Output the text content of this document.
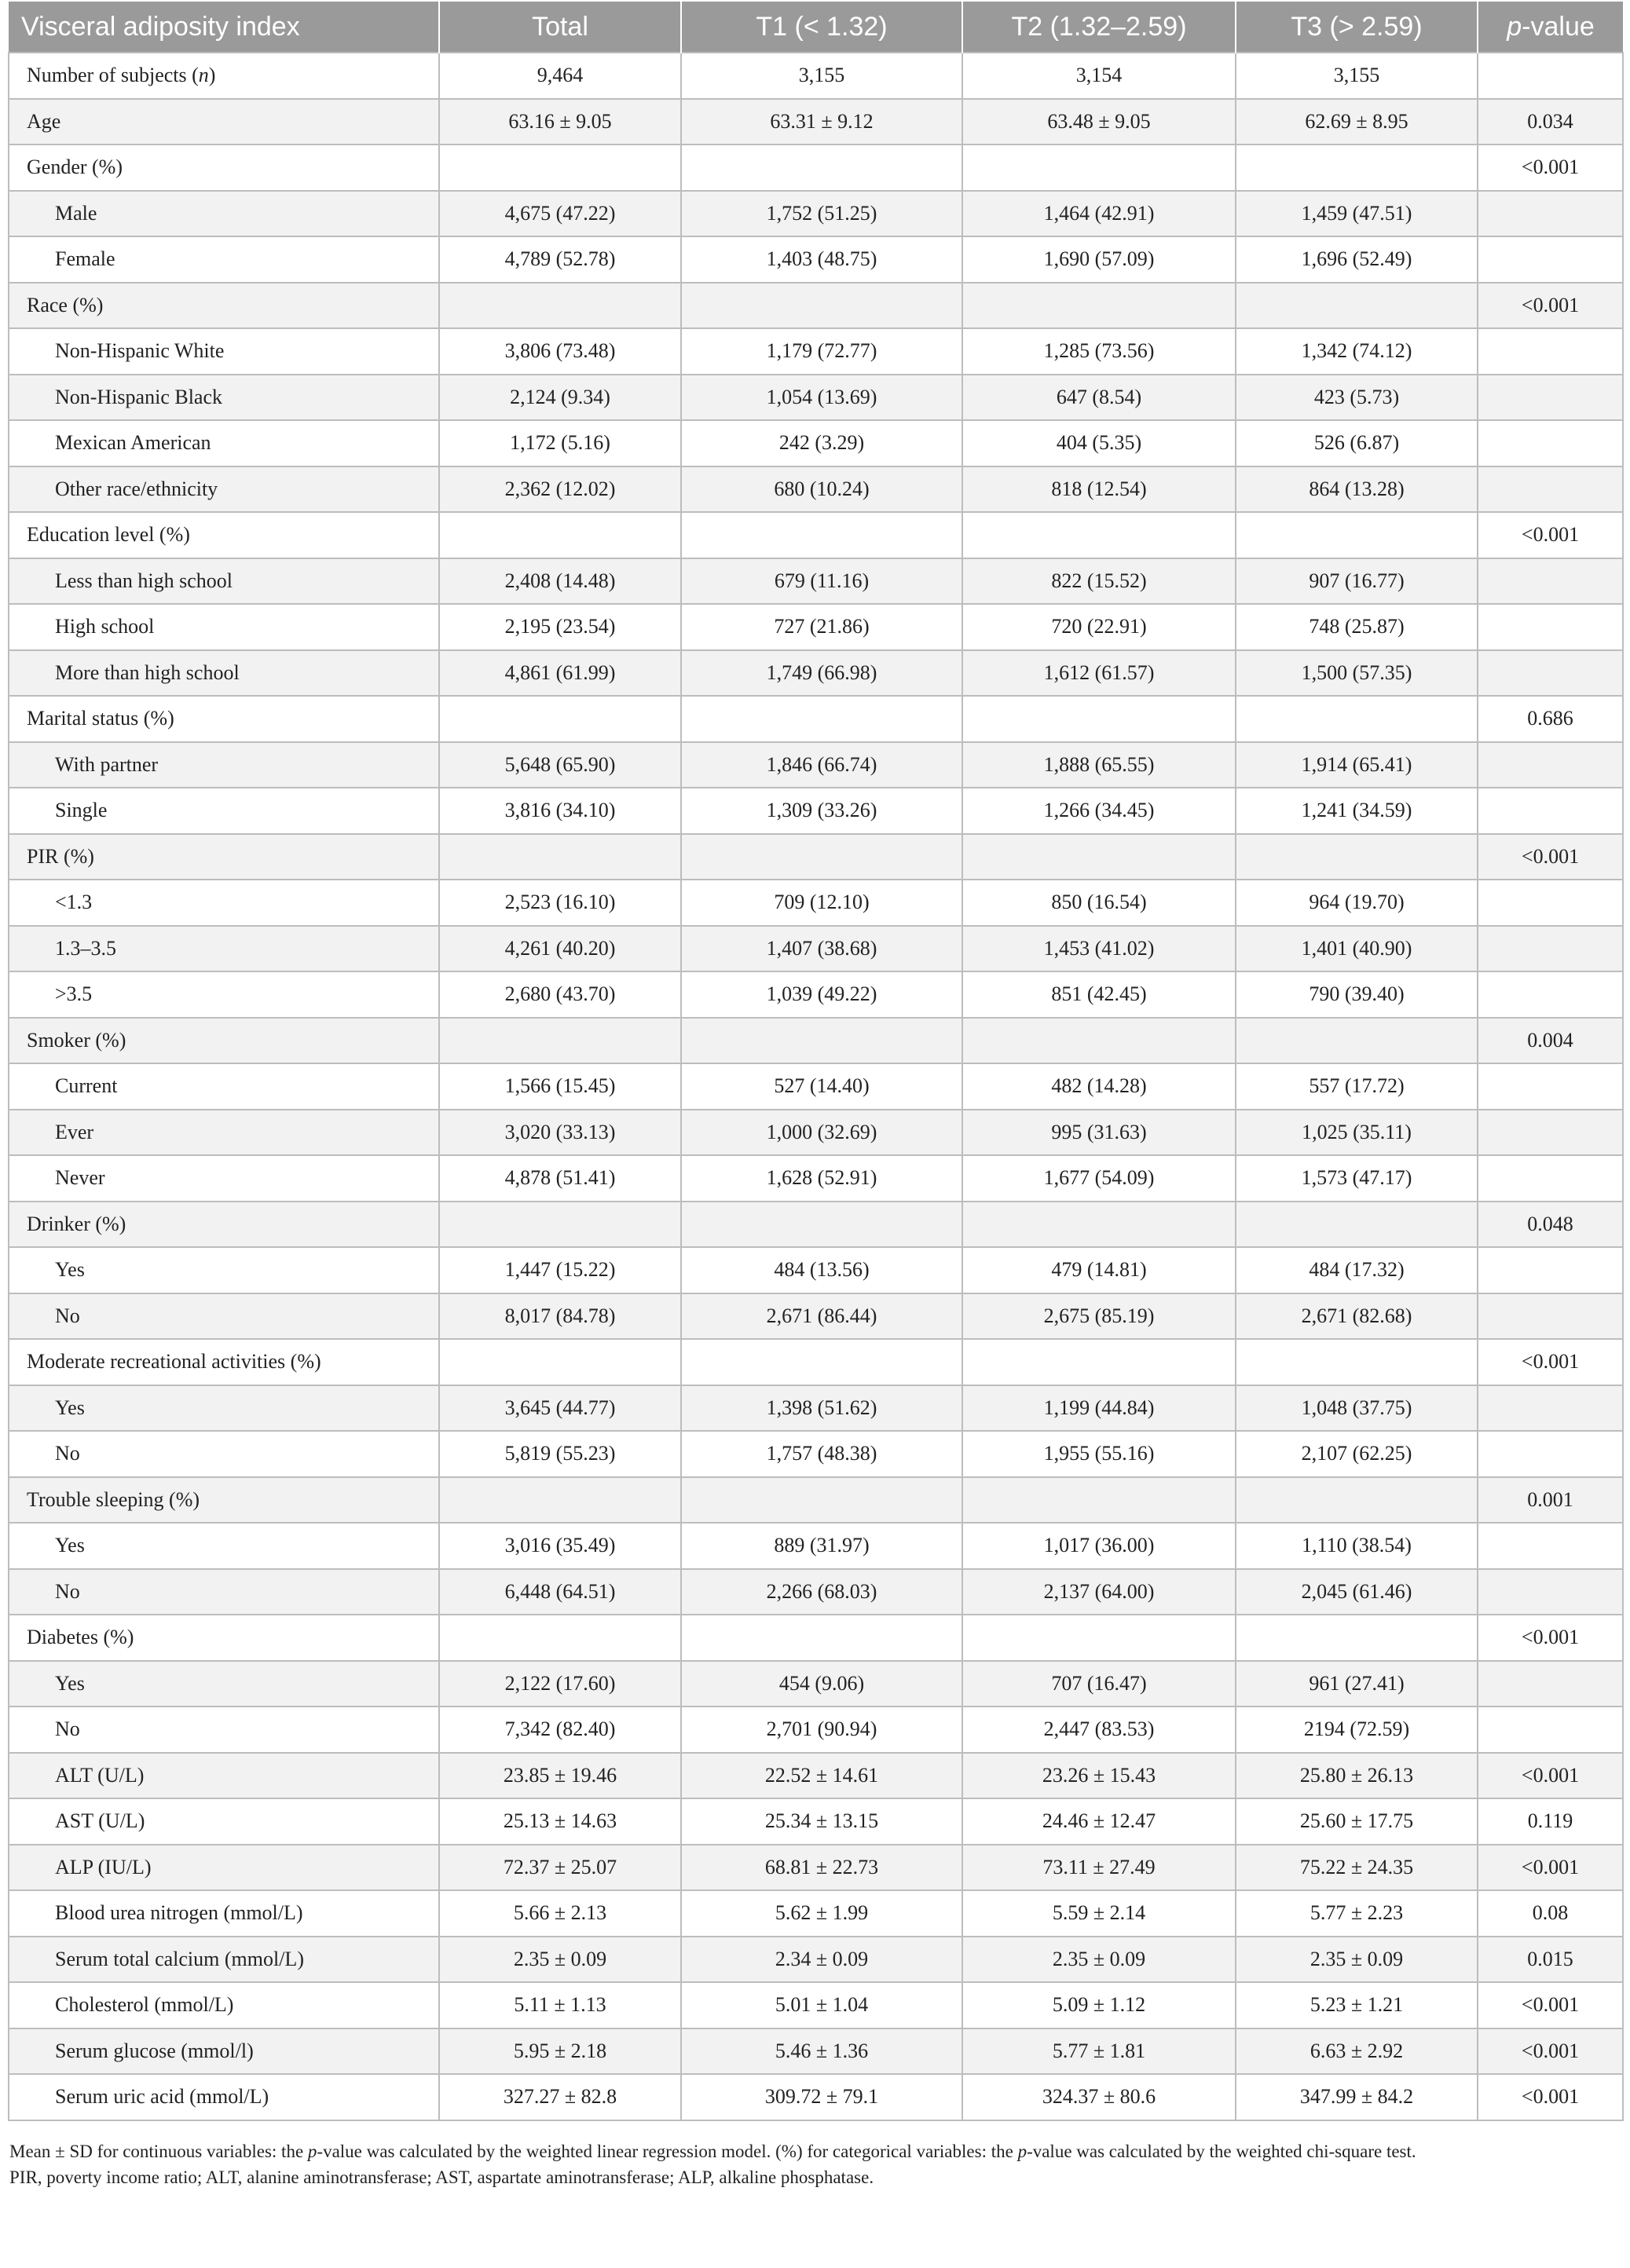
Visceral adiposity index	Total	T1 (< 1.32)	T2 (1.32–2.59)	T3 (> 2.59)	p-value
Number of subjects (n)	9,464	3,155	3,154	3,155	
Age	63.16 ± 9.05	63.31 ± 9.12	63.48 ± 9.05	62.69 ± 8.95	0.034
Gender (%)					<0.001
Male	4,675 (47.22)	1,752 (51.25)	1,464 (42.91)	1,459 (47.51)	
Female	4,789 (52.78)	1,403 (48.75)	1,690 (57.09)	1,696 (52.49)	
Race (%)					<0.001
Non-Hispanic White	3,806 (73.48)	1,179 (72.77)	1,285 (73.56)	1,342 (74.12)	
Non-Hispanic Black	2,124 (9.34)	1,054 (13.69)	647 (8.54)	423 (5.73)	
Mexican American	1,172 (5.16)	242 (3.29)	404 (5.35)	526 (6.87)	
Other race/ethnicity	2,362 (12.02)	680 (10.24)	818 (12.54)	864 (13.28)	
Education level (%)					<0.001
Less than high school	2,408 (14.48)	679 (11.16)	822 (15.52)	907 (16.77)	
High school	2,195 (23.54)	727 (21.86)	720 (22.91)	748 (25.87)	
More than high school	4,861 (61.99)	1,749 (66.98)	1,612 (61.57)	1,500 (57.35)	
Marital status (%)					0.686
With partner	5,648 (65.90)	1,846 (66.74)	1,888 (65.55)	1,914 (65.41)	
Single	3,816 (34.10)	1,309 (33.26)	1,266 (34.45)	1,241 (34.59)	
PIR (%)					<0.001
<1.3	2,523 (16.10)	709 (12.10)	850 (16.54)	964 (19.70)	
1.3–3.5	4,261 (40.20)	1,407 (38.68)	1,453 (41.02)	1,401 (40.90)	
>3.5	2,680 (43.70)	1,039 (49.22)	851 (42.45)	790 (39.40)	
Smoker (%)					0.004
Current	1,566 (15.45)	527 (14.40)	482 (14.28)	557 (17.72)	
Ever	3,020 (33.13)	1,000 (32.69)	995 (31.63)	1,025 (35.11)	
Never	4,878 (51.41)	1,628 (52.91)	1,677 (54.09)	1,573 (47.17)	
Drinker (%)					0.048
Yes	1,447 (15.22)	484 (13.56)	479 (14.81)	484 (17.32)	
No	8,017 (84.78)	2,671 (86.44)	2,675 (85.19)	2,671 (82.68)	
Moderate recreational activities (%)					<0.001
Yes	3,645 (44.77)	1,398 (51.62)	1,199 (44.84)	1,048 (37.75)	
No	5,819 (55.23)	1,757 (48.38)	1,955 (55.16)	2,107 (62.25)	
Trouble sleeping (%)					0.001
Yes	3,016 (35.49)	889 (31.97)	1,017 (36.00)	1,110 (38.54)	
No	6,448 (64.51)	2,266 (68.03)	2,137 (64.00)	2,045 (61.46)	
Diabetes (%)					<0.001
Yes	2,122 (17.60)	454 (9.06)	707 (16.47)	961 (27.41)	
No	7,342 (82.40)	2,701 (90.94)	2,447 (83.53)	2194 (72.59)	
ALT (U/L)	23.85 ± 19.46	22.52 ± 14.61	23.26 ± 15.43	25.80 ± 26.13	<0.001
AST (U/L)	25.13 ± 14.63	25.34 ± 13.15	24.46 ± 12.47	25.60 ± 17.75	0.119
ALP (IU/L)	72.37 ± 25.07	68.81 ± 22.73	73.11 ± 27.49	75.22 ± 24.35	<0.001
Blood urea nitrogen (mmol/L)	5.66 ± 2.13	5.62 ± 1.99	5.59 ± 2.14	5.77 ± 2.23	0.08
Serum total calcium (mmol/L)	2.35 ± 0.09	2.34 ± 0.09	2.35 ± 0.09	2.35 ± 0.09	0.015
Cholesterol (mmol/L)	5.11 ± 1.13	5.01 ± 1.04	5.09 ± 1.12	5.23 ± 1.21	<0.001
Serum glucose (mmol/l)	5.95 ± 2.18	5.46 ± 1.36	5.77 ± 1.81	6.63 ± 2.92	<0.001
Serum uric acid (mmol/L)	327.27 ± 82.8	309.72 ± 79.1	324.37 ± 80.6	347.99 ± 84.2	<0.001
Mean ± SD for continuous variables: the p-value was calculated by the weighted linear regression model. (%) for categorical variables: the p-value was calculated by the weighted chi-square test.
PIR, poverty income ratio; ALT, alanine aminotransferase; AST, aspartate aminotransferase; ALP, alkaline phosphatase.
